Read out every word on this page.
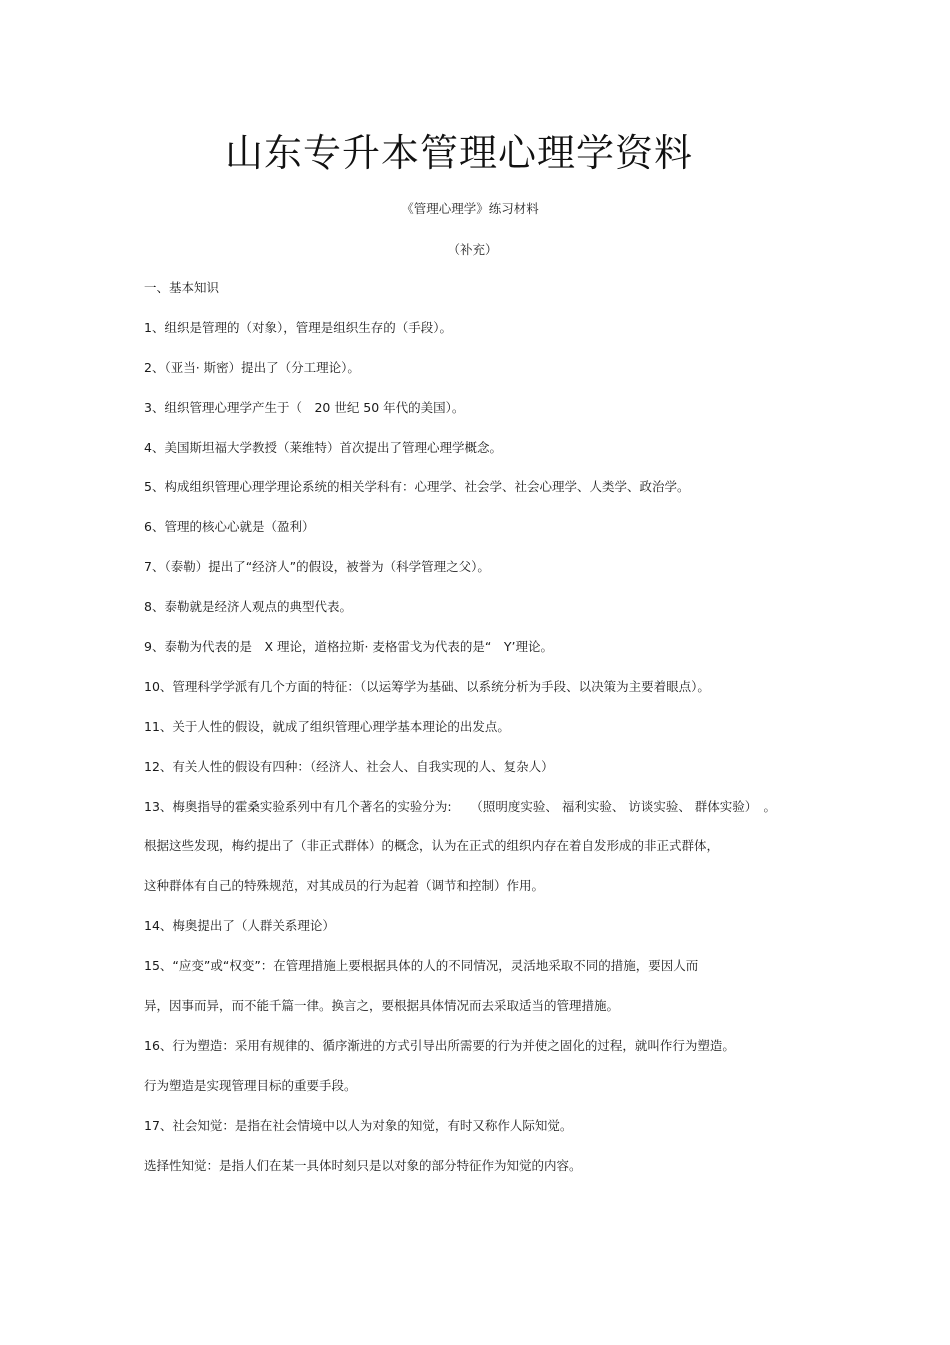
山东专升本管理心理学资料
《管理心理学》练习材料
（补充）
一、基本知识
1、组织是管理的（对象），管理是组织生存的（手段）。
2、（亚当· 斯密）提出了（分工理论）。
3、组织管理心理学产生于（　20 世纪 50 年代的美国）。
4、美国斯坦福大学教授（莱维特）首次提出了管理心理学概念。
5、构成组织管理心理学理论系统的相关学科有：心理学、社会学、社会心理学、人类学、政治学。
6、管理的核心心就是（盈利）
7、（泰勒）提出了“经济人”的假设，被誉为（科学管理之父）。
8、泰勒就是经济人观点的典型代表。
9、泰勒为代表的是　X 理论，道格拉斯· 麦格雷戈为代表的是“　Y’理论。
10、管理科学学派有几个方面的特征：（以运筹学为基础、以系统分析为手段、以决策为主要着眼点）。
11、关于人性的假设，就成了组织管理心理学基本理论的出发点。
12、有关人性的假设有四种：（经济人、社会人、自我实现的人、复杂人）
13、梅奥指导的霍桑实验系列中有几个著名的实验分为:　　（照明度实验、 福利实验、 访谈实验、 群体实验）　。
根据这些发现，梅约提出了（非正式群体）的概念，认为在正式的组织内存在着自发形成的非正式群体，
这种群体有自己的特殊规范，对其成员的行为起着（调节和控制）作用。
14、梅奥提出了（人群关系理论）
15、“应变”或“权变”：在管理措施上要根据具体的人的不同情况，灵活地采取不同的措施，要因人而
异，因事而异，而不能千篇一律。换言之，要根据具体情况而去采取适当的管理措施。
16、行为塑造：采用有规律的、循序渐进的方式引导出所需要的行为并使之固化的过程，就叫作行为塑造。
行为塑造是实现管理目标的重要手段。
17、社会知觉：是指在社会情境中以人为对象的知觉，有时又称作人际知觉。
选择性知觉：是指人们在某一具体时刻只是以对象的部分特征作为知觉的内容。
